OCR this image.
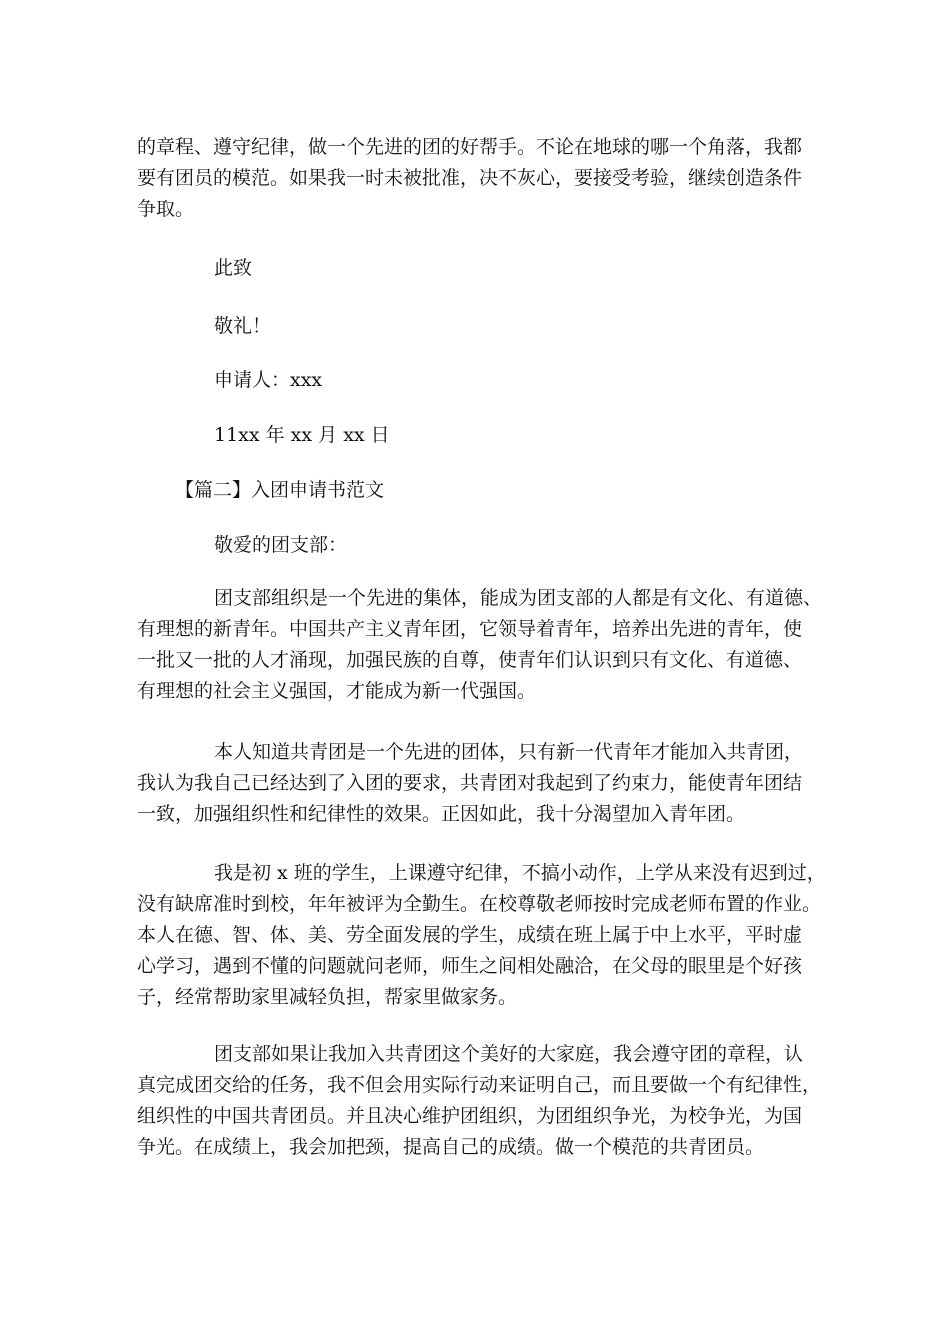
的章程、遵守纪律，做一个先进的团的好帮手。不论在地球的哪一个角落，我都
要有团员的模范。如果我一时未被批准，决不灰心，要接受考验，继续创造条件
争取。

此致

敬礼！

申请人：xxx

11xx 年 xx 月 xx 日

【篇二】入团申请书范文

敬爱的团支部：

团支部组织是一个先进的集体，能成为团支部的人都是有文化、有道德、
有理想的新青年。中国共产主义青年团，它领导着青年，培养出先进的青年，使
一批又一批的人才涌现，加强民族的自尊，使青年们认识到只有文化、有道德、
有理想的社会主义强国，才能成为新一代强国。
本人知道共青团是一个先进的团体，只有新一代青年才能加入共青团，
我认为我自己已经达到了入团的要求，共青团对我起到了约束力，能使青年团结
一致，加强组织性和纪律性的效果。正因如此，我十分渴望加入青年团。
我是初 x 班的学生，上课遵守纪律，不搞小动作，上学从来没有迟到过，
没有缺席准时到校，年年被评为全勤生。在校尊敬老师按时完成老师布置的作业。
本人在德、智、体、美、劳全面发展的学生，成绩在班上属于中上水平，平时虚
心学习，遇到不懂的问题就问老师，师生之间相处融洽，在父母的眼里是个好孩
子，经常帮助家里减轻负担，帮家里做家务。
团支部如果让我加入共青团这个美好的大家庭，我会遵守团的章程，认
真完成团交给的任务，我不但会用实际行动来证明自己，而且要做一个有纪律性，
组织性的中国共青团员。并且决心维护团组织，为团组织争光，为校争光，为国
争光。在成绩上，我会加把颈，提高自己的成绩。做一个模范的共青团员。
